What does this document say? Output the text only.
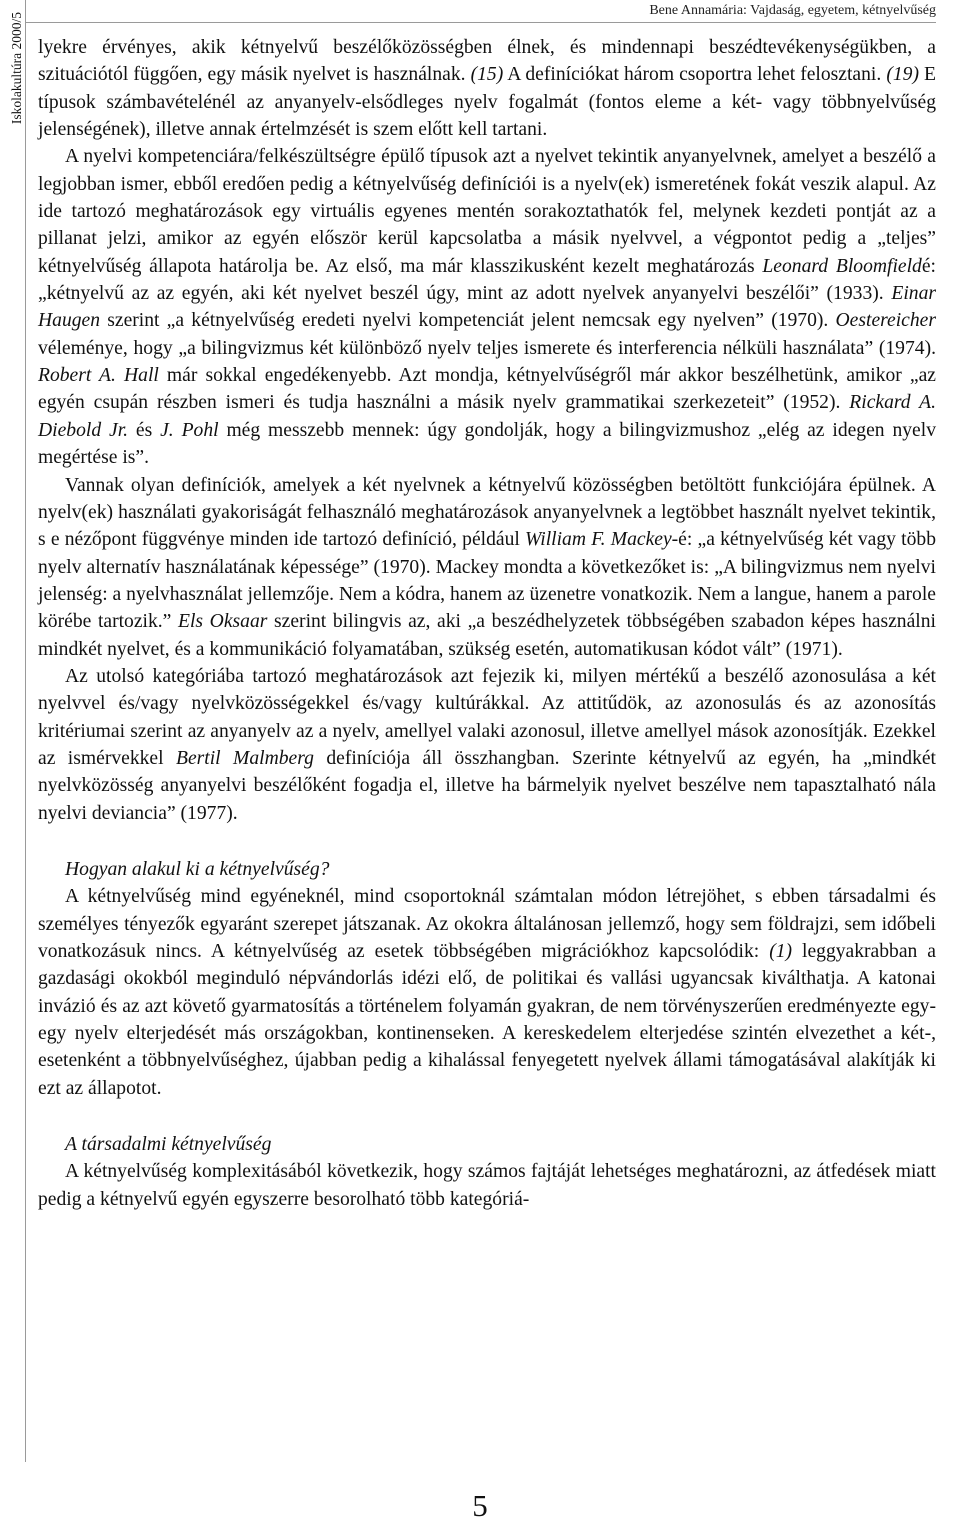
Iskolakultúra 2000/5
Bene Annamária: Vajdaság, egyetem, kétnyelvűség

lyekre érvényes, akik kétnyelvű beszélőközösségben élnek, és mindennapi beszédtevékenységükben, a szituációtól függően, egy másik nyelvet is használnak. (15) A definíciókat három csoportra lehet felosztani. (19) E típusok számbavételénél az anyanyelv-elsődleges nyelv fogalmát (fontos eleme a két- vagy többnyelvűség jelenségének), illetve annak értelmzését is szem előtt kell tartani.

A nyelvi kompetenciára/felkészültségre épülő típusok azt a nyelvet tekintik anyanyelvnek, amelyet a beszélő a legjobban ismer, ebből eredően pedig a kétnyelvűség definíciói is a nyelv(ek) ismeretének fokát veszik alapul. Az ide tartozó meghatározások egy virtuális egyenes mentén sorakoztathatók fel, melynek kezdeti pontját az a pillanat jelzi, amikor az egyén először kerül kapcsolatba a másik nyelvvel, a végpontot pedig a „teljes” kétnyelvűség állapota határolja be. Az első, ma már klasszikusként kezelt meghatározás Leonard Bloomfieldé: „kétnyelvű az az egyén, aki két nyelvet beszél úgy, mint az adott nyelvek anyanyelvi beszélői” (1933). Einar Haugen szerint „a kétnyelvűség eredeti nyelvi kompetenciát jelent nemcsak egy nyelven” (1970). Oestereicher véleménye, hogy „a bilingvizmus két különböző nyelv teljes ismerete és interferencia nélküli használata” (1974). Robert A. Hall már sokkal engedékenyebb. Azt mondja, kétnyelvűségről már akkor beszélhetünk, amikor „az egyén csupán részben ismeri és tudja használni a másik nyelv grammatikai szerkezeteit” (1952). Rickard A. Diebold Jr. és J. Pohl még messzebb mennek: úgy gondolják, hogy a bilingvizmushoz „elég az idegen nyelv megértése is”.

Vannak olyan definíciók, amelyek a két nyelvnek a kétnyelvű közösségben betöltött funkciójára épülnek. A nyelv(ek) használati gyakoriságát felhasználó meghatározások anyanyelvnek a legtöbbet használt nyelvet tekintik, s e nézőpont függvénye minden ide tartozó definíció, például William F. Mackey-é: „a kétnyelvűség két vagy több nyelv alternatív használatának képessége” (1970). Mackey mondta a következőket is: „A bilingvizmus nem nyelvi jelenség: a nyelvhasználat jellemzője. Nem a kódra, hanem az üzenetre vonatkozik. Nem a langue, hanem a parole körébe tartozik.” Els Oksaar szerint bilingvis az, aki „a beszédhelyzetek többségében szabadon képes használni mindkét nyelvet, és a kommunikáció folyamatában, szükség esetén, automatikusan kódot vált” (1971).

Az utolsó kategóriába tartozó meghatározások azt fejezik ki, milyen mértékű a beszélő azonosulása a két nyelvvel és/vagy nyelvközösségekkel és/vagy kultúrákkal. Az attitűdök, az azonosulás és az azonosítás kritériumai szerint az anyanyelv az a nyelv, amellyel valaki azonosul, illetve amellyel mások azonosítják. Ezekkel az ismérvekkel Bertil Malmberg definíciója áll összhangban. Szerinte kétnyelvű az egyén, ha „mindkét nyelvközösség anyanyelvi beszélőként fogadja el, illetve ha bármelyik nyelvet beszélve nem tapasztalható nála nyelvi deviancia” (1977).

Hogyan alakul ki a kétnyelvűség?

A kétnyelvűség mind egyéneknél, mind csoportoknál számtalan módon létrejöhet, s ebben társadalmi és személyes tényezők egyaránt szerepet játszanak. Az okokra általánosan jellemző, hogy sem földrajzi, sem időbeli vonatkozásuk nincs. A kétnyelvűség az esetek többségében migrációkhoz kapcsolódik: (1) leggyakrabban a gazdasági okokból meginduló népvándorlás idézi elő, de politikai és vallási ugyancsak kiválthatja. A katonai invázió és az azt követő gyarmatosítás a történelem folyamán gyakran, de nem törvényszerűen eredményezte egy-egy nyelv elterjedését más országokban, kontinenseken. A kereskedelem elterjedése szintén elvezethet a két-, esetenként a többnyelvűséghez, újabban pedig a kihalással fenyegetett nyelvek állami támogatásával alakítják ki ezt az állapotot.

A társadalmi kétnyelvűség

A kétnyelvűség komplexitásából következik, hogy számos fajtáját lehetséges meghatározni, az átfedések miatt pedig a kétnyelvű egyén egyszerre besorolható több kategóriá-

5
